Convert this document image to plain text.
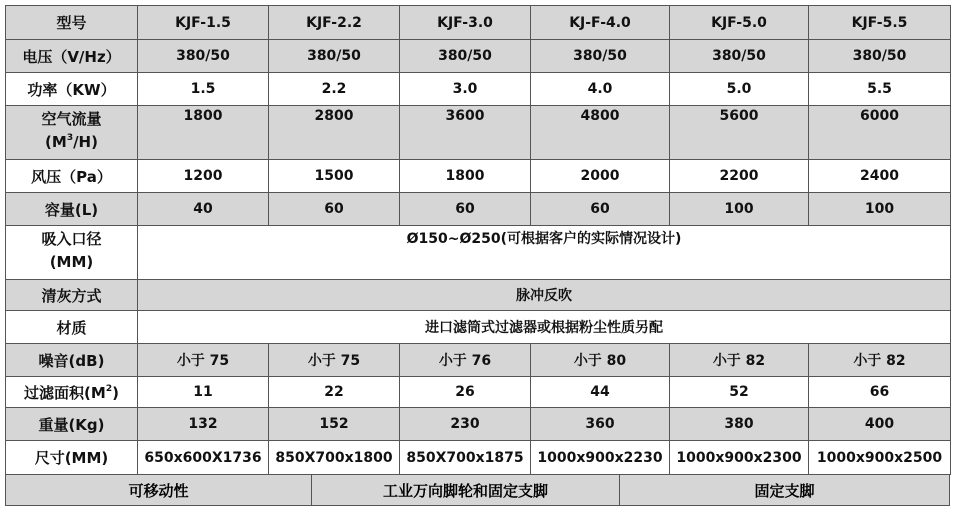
型号	KJF-1.5	KJF-2.2	KJF-3.0	KJ-F-4.0	KJF-5.0	KJF-5.5
电压（V/Hz）	380/50	380/50	380/50	380/50	380/50	380/50
功率（KW）	1.5	2.2	3.0	4.0	5.0	5.5

空气流量
$(M^3/H)$	1800	2800	3600	4800	5600	6000
风压（Pa）	1200	1500	1800	2000	2200	2400
容量(L)	40	60	60	60	100	100

吸入口径
(MM)	Ø150~Ø250(可根据客户的实际情况设计)					
清灰方式	脉冲反吹					
材质	进口滤筒式过滤器或根据粉尘性质另配					
噪音(dB)	小于 75	小于 75	小于 76	小于 80	小于 82	小于 82
过滤面积$(M^2)$	11	22	26	44	52	66
重量(Kg)	132	152	230	360	380	400
尺寸(MM)	650x600X1736	850X700x1800	850X700x1875	1000x900x2230	1000x900x2300	1000x900x2500
可移动性	工业万向脚轮和固定支脚	固定支脚
